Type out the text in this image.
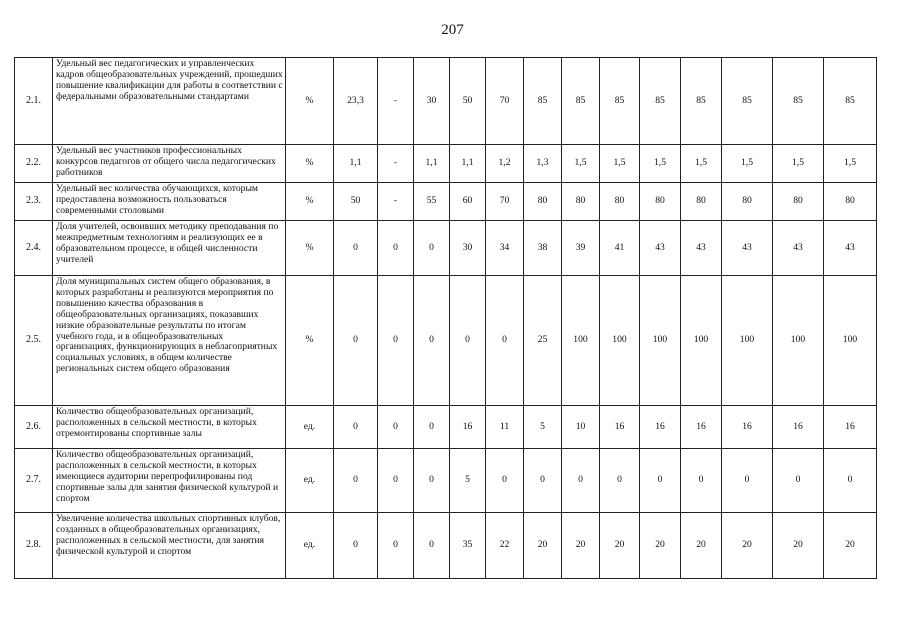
207
2.1.	Удельный вес педагогических и управленческих кадров общеобразовательных учреждений, прошедших повышение квалификации для работы в соответствии с федеральными образовательными стандартами	%	23,3	-	30	50	70	85	85	85	85	85	85	85	85
2.2.	Удельный вес участников профессиональных конкурсов педагогов от общего числа педагогических работников	%	1,1	-	1,1	1,1	1,2	1,3	1,5	1,5	1,5	1,5	1,5	1,5	1,5
2.3.	Удельный вес количества обучающихся, которым предоставлена возможность пользоваться современными столовыми	%	50	-	55	60	70	80	80	80	80	80	80	80	80
2.4.	Доля учителей, освоивших методику преподавания по межпредметным технологиям и реализующих ее в образовательном процессе, в общей численности учителей	%	0	0	0	30	34	38	39	41	43	43	43	43	43
2.5.	Доля муниципальных систем общего образования, в которых разработаны и реализуются мероприятия по повышению качества образования в общеобразовательных организациях, показавших низкие образовательные результаты по итогам учебного года, и в общеобразовательных организациях, функционирующих в неблагоприятных социальных условиях, в общем количестве региональных систем общего образования	%	0	0	0	0	0	25	100	100	100	100	100	100	100
2.6.	Количество общеобразовательных организаций, расположенных в сельской местности, в которых отремонтированы спортивные залы	ед.	0	0	0	16	11	5	10	16	16	16	16	16	16
2.7.	Количество общеобразовательных организаций, расположенных в сельской местности, в которых имеющиеся аудитории перепрофилированы под спортивные залы для занятия физической культурой и спортом	ед.	0	0	0	5	0	0	0	0	0	0	0	0	0
2.8.	Увеличение количества школьных спортивных клубов, созданных в общеобразовательных организациях, расположенных в сельской местности, для занятия физической культурой и спортом	ед.	0	0	0	35	22	20	20	20	20	20	20	20	20
